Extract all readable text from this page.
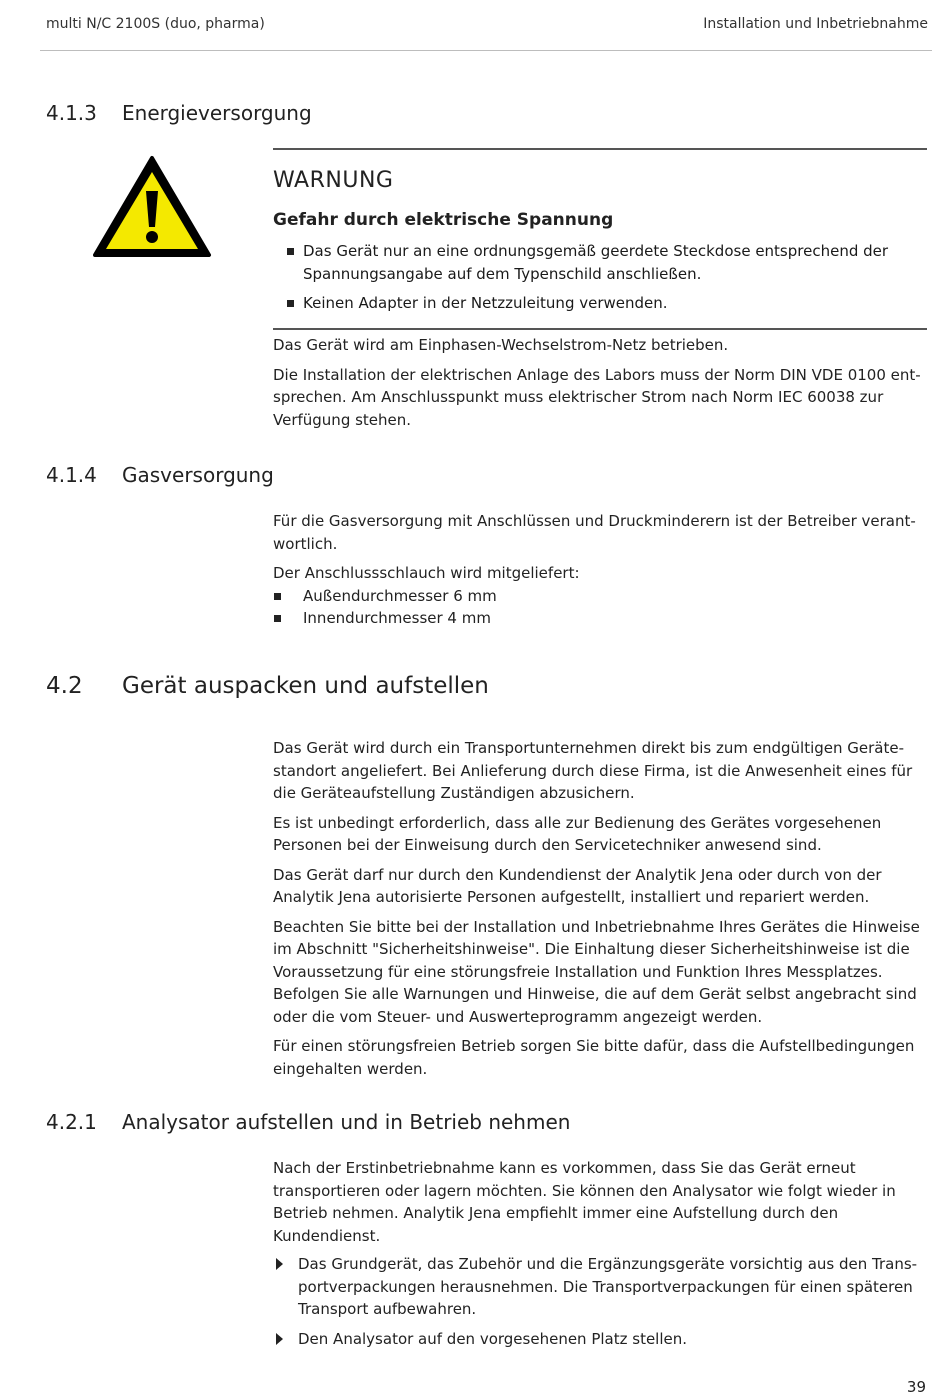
multi N/C 2100S (duo, pharma)	Installation und Inbetriebnahme
4.1.3 Energieversorgung
WARNUNG
Gefahr durch elektrische Spannung
Das Gerät nur an eine ordnungsgemäß geerdete Steckdose entsprechend der Spannungsangabe auf dem Typenschild anschließen.
Keinen Adapter in der Netzzuleitung verwenden.

Das Gerät wird am Einphasen-Wechselstrom-Netz betrieben.

Die Installation der elektrischen Anlage des Labors muss der Norm DIN VDE 0100 entsprechen. Am Anschlusspunkt muss elektrischer Strom nach Norm IEC 60038 zur Verfügung stehen.

4.1.4 Gasversorgung

Für die Gasversorgung mit Anschlüssen und Druckminderern ist der Betreiber verantwortlich.

Der Anschlussschlauch wird mitgeliefert:

Außendurchmesser 6 mm
Innendurchmesser 4 mm
4.2 Gerät auspacken und aufstellen

Das Gerät wird durch ein Transportunternehmen direkt bis zum endgültigen Gerätestandort angeliefert. Bei Anlieferung durch diese Firma, ist die Anwesenheit eines für die Geräteaufstellung Zuständigen abzusichern.

Es ist unbedingt erforderlich, dass alle zur Bedienung des Gerätes vorgesehenen Personen bei der Einweisung durch den Servicetechniker anwesend sind.

Das Gerät darf nur durch den Kundendienst der Analytik Jena oder durch von der Analytik Jena autorisierte Personen aufgestellt, installiert und repariert werden.

Beachten Sie bitte bei der Installation und Inbetriebnahme Ihres Gerätes die Hinweise im Abschnitt "Sicherheitshinweise". Die Einhaltung dieser Sicherheitshinweise ist die Voraussetzung für eine störungsfreie Installation und Funktion Ihres Messplatzes. Befolgen Sie alle Warnungen und Hinweise, die auf dem Gerät selbst angebracht sind oder die vom Steuer- und Auswerteprogramm angezeigt werden.

Für einen störungsfreien Betrieb sorgen Sie bitte dafür, dass die Aufstellbedingungen eingehalten werden.

4.2.1 Analysator aufstellen und in Betrieb nehmen

Nach der Erstinbetriebnahme kann es vorkommen, dass Sie das Gerät erneut transportieren oder lagern möchten. Sie können den Analysator wie folgt wieder in Betrieb nehmen. Analytik Jena empfiehlt immer eine Aufstellung durch den Kundendienst.

Das Grundgerät, das Zubehör und die Ergänzungsgeräte vorsichtig aus den Transportverpackungen herausnehmen. Die Transportverpackungen für einen späteren Transport aufbewahren.
Den Analysator auf den vorgesehenen Platz stellen.
39
